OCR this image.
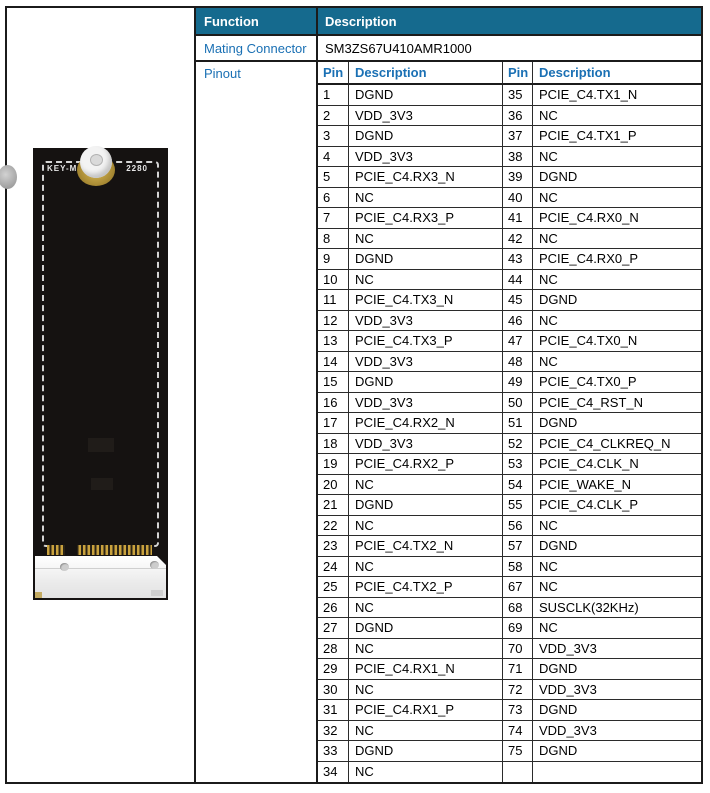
KEY-M	2280
Function	Description
Mating Connector	SM3ZS67U410AMR1000
Pinout	Pin Description	Pin Description
1	DGND	35	PCIE_C4.TX1_N
2	VDD_3V3	36	NC
3	DGND	37	PCIE_C4.TX1_P
4	VDD_3V3	38	NC
5	PCIE_C4.RX3_N	39	DGND
6	NC	40	NC
7	PCIE_C4.RX3_P	41	PCIE_C4.RX0_N
8	NC	42	NC
9	DGND	43	PCIE_C4.RX0_P
10	NC	44	NC
11	PCIE_C4.TX3_N	45	DGND
12	VDD_3V3	46	NC
13	PCIE_C4.TX3_P	47	PCIE_C4.TX0_N
14	VDD_3V3	48	NC
15	DGND	49	PCIE_C4.TX0_P
16	VDD_3V3	50	PCIE_C4_RST_N
17	PCIE_C4.RX2_N	51	DGND
18	VDD_3V3	52	PCIE_C4_CLKREQ_N
19	PCIE_C4.RX2_P	53	PCIE_C4.CLK_N
20	NC	54	PCIE_WAKE_N
21	DGND	55	PCIE_C4.CLK_P
22	NC	56	NC
23	PCIE_C4.TX2_N	57	DGND
24	NC	58	NC
25	PCIE_C4.TX2_P	67	NC
26	NC	68	SUSCLK(32KHz)
27	DGND	69	NC
28	NC	70	VDD_3V3
29	PCIE_C4.RX1_N	71	DGND
30	NC	72	VDD_3V3
31	PCIE_C4.RX1_P	73	DGND
32	NC	74	VDD_3V3
33	DGND	75	DGND
34	NC
